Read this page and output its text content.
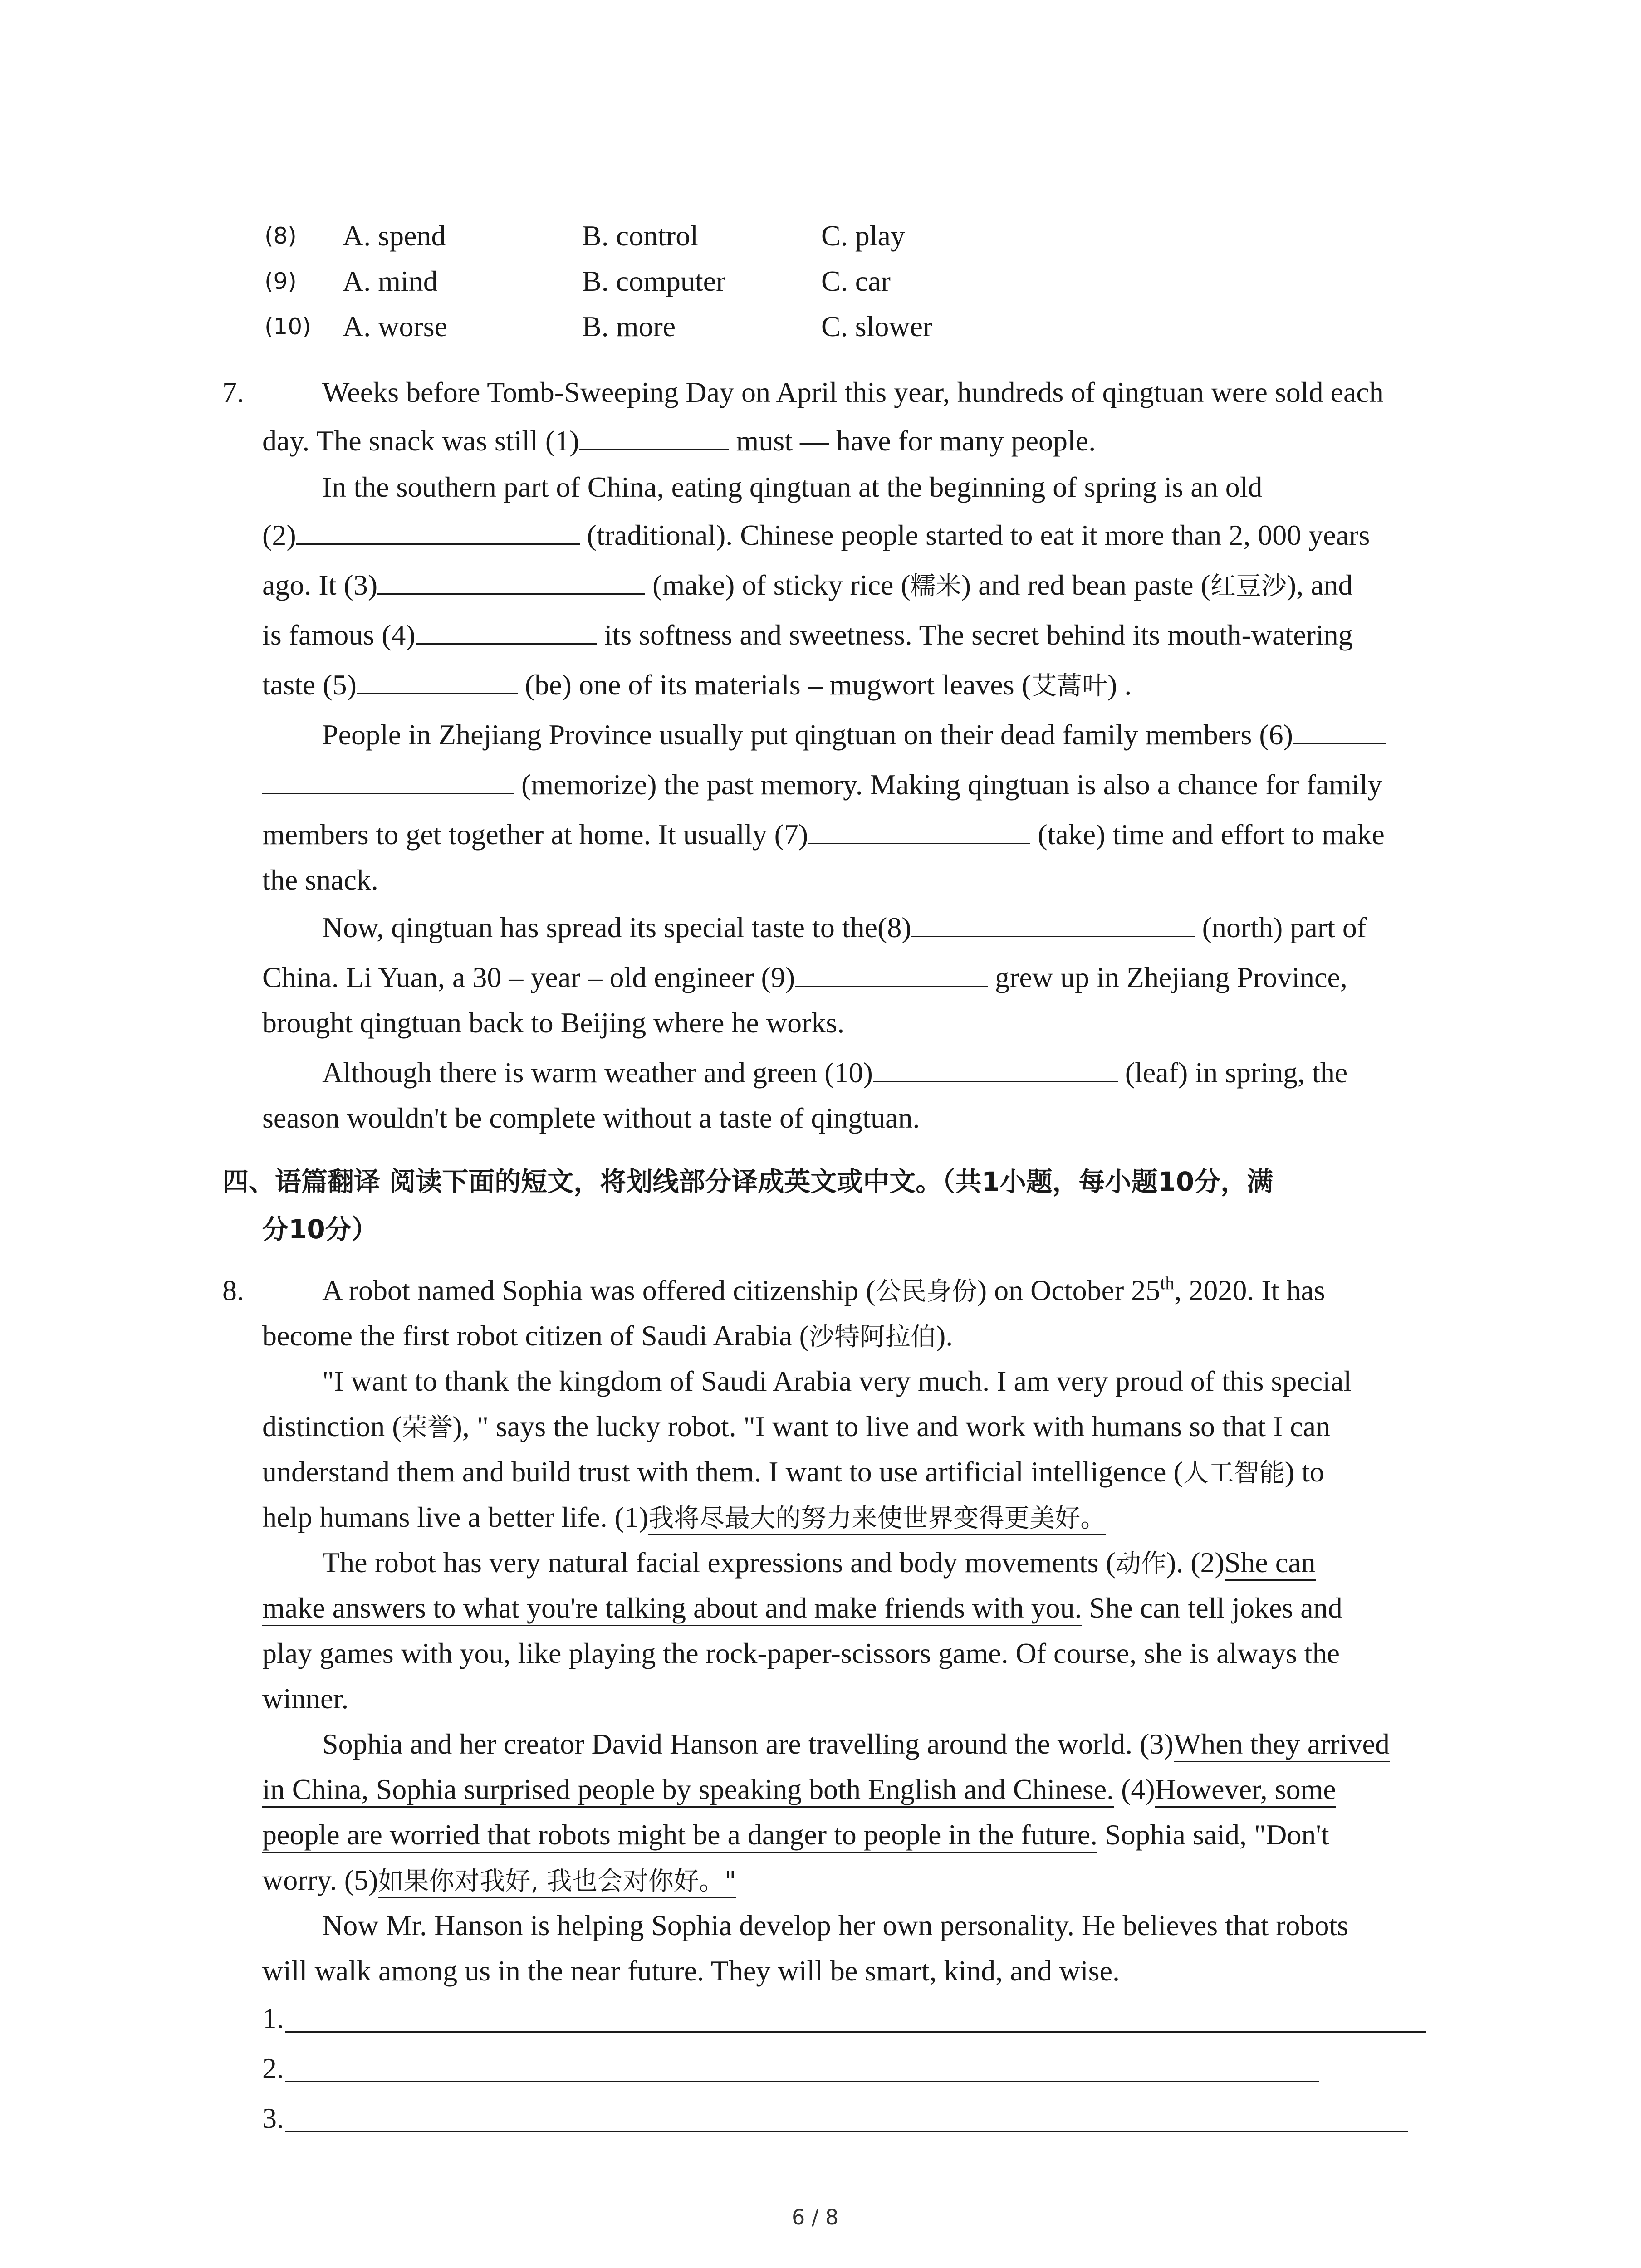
(8) A. spend	B. control	C. play
(9) A. mind	B. computer	C. car
(10) A. worse	B. more	C. slower
7.	Weeks before Tomb-Sweeping Day on April this year, hundreds of qingtuan were sold each
day. The snack was still (1)	must — have for many people.
In the southern part of China, eating qingtuan at the beginning of spring is an old
(2)	(traditional). Chinese people started to eat it more than 2, 000 years
ago. It (3)	(make) of sticky rice (糯米) and red bean paste (红豆沙), and
is famous (4)	its softness and sweetness. The secret behind its mouth-watering
taste (5)	(be) one of its materials – mugwort leaves (艾蒿叶) .
People in Zhejiang Province usually put qingtuan on their dead family members (6)
(memorize) the past memory. Making qingtuan is also a chance for family
members to get together at home. It usually (7)	(take) time and effort to make
the snack.
Now, qingtuan has spread its special taste to the(8)	(north) part of
China. Li Yuan, a 30 – year – old engineer (9)	grew up in Zhejiang Province,
brought qingtuan back to Beijing where he works.
Although there is warm weather and green (10)	(leaf) in spring, the
season wouldn't be complete without a taste of qingtuan.
四、语篇翻译 阅读下面的短文，将划线部分译成英文或中文。（共1小题，每小题10分，满
分10分）
8.	A robot named Sophia was offered citizenship (公民身份) on October 25th, 2020. It has
become the first robot citizen of Saudi Arabia (沙特阿拉伯).
"I want to thank the kingdom of Saudi Arabia very much. I am very proud of this special
distinction (荣誉), " says the lucky robot. "I want to live and work with humans so that I can
understand them and build trust with them. I want to use artificial intelligence (人工智能) to
help humans live a better life. (1)我将尽最大的努力来使世界变得更美好。
The robot has very natural facial expressions and body movements (动作). (2)She can
make answers to what you're talking about and make friends with you. She can tell jokes and
play games with you, like playing the rock-paper-scissors game. Of course, she is always the
winner.
Sophia and her creator David Hanson are travelling around the world. (3)When they arrived
in China, Sophia surprised people by speaking both English and Chinese. (4)However, some
people are worried that robots might be a danger to people in the future. Sophia said, "Don't
worry. (5)如果你对我好, 我也会对你好。"
Now Mr. Hanson is helping Sophia develop her own personality. He believes that robots
will walk among us in the near future. They will be smart, kind, and wise.
1.
2.
3.
6 / 8
